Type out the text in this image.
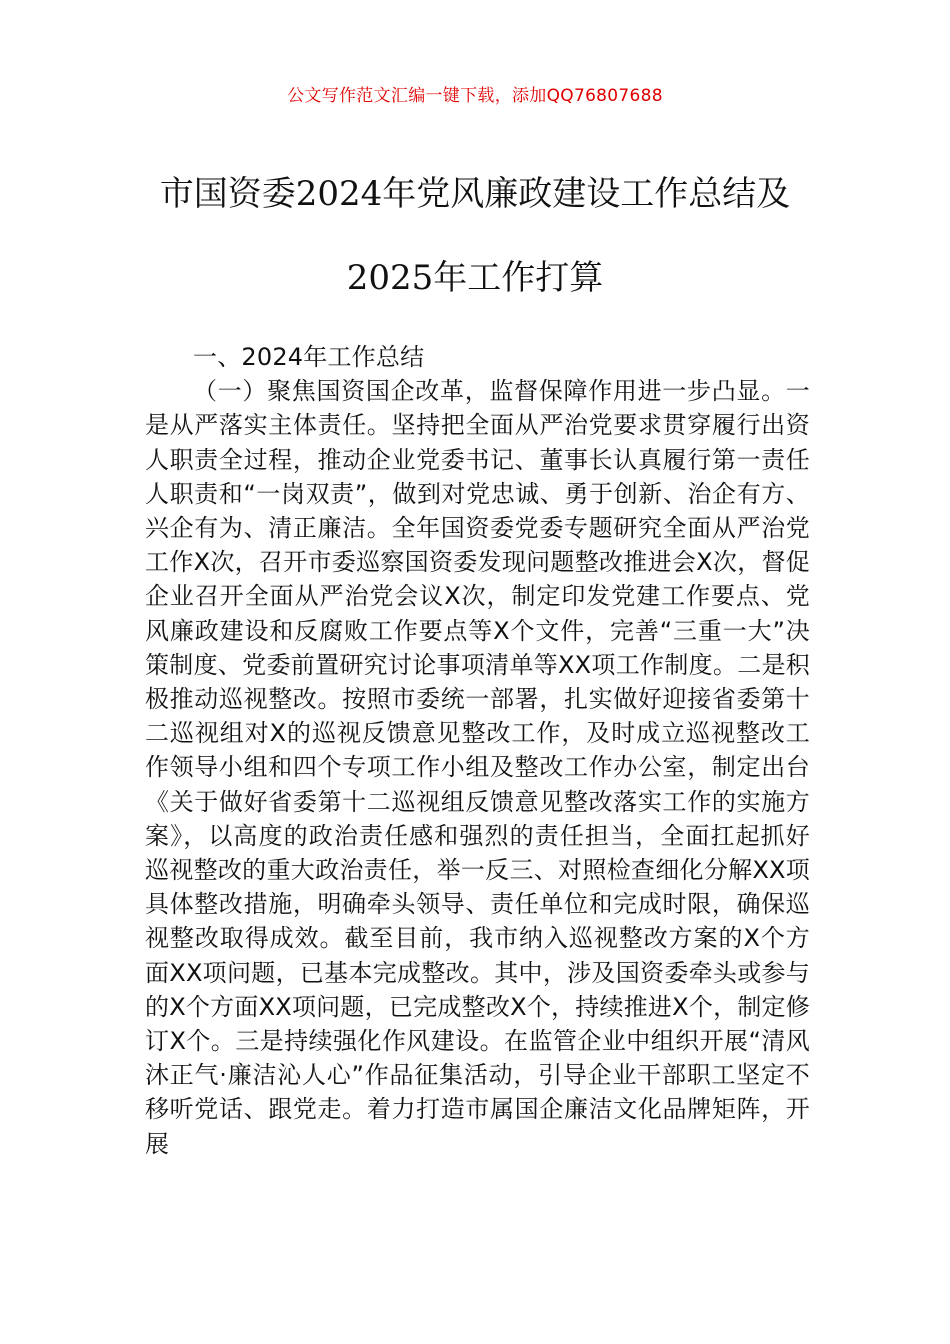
公文写作范文汇编一键下载，添加QQ76807688
市国资委2024年党风廉政建设工作总结及
2025年工作打算
一、2024年工作总结

（一）聚焦国资国企改革，监督保障作用进一步凸显。一是从严落实主体责任。坚持把全面从严治党要求贯穿履行出资人职责全过程，推动企业党委书记、董事长认真履行第一责任人职责和“一岗双责”，做到对党忠诚、勇于创新、治企有方、兴企有为、清正廉洁。全年国资委党委专题研究全面从严治党工作X次，召开市委巡察国资委发现问题整改推进会X次，督促企业召开全面从严治党会议X次，制定印发党建工作要点、党风廉政建设和反腐败工作要点等X个文件，完善“三重一大”决策制度、党委前置研究讨论事项清单等XX项工作制度。二是积极推动巡视整改。按照市委统一部署，扎实做好迎接省委第十二巡视组对X的巡视反馈意见整改工作，及时成立巡视整改工作领导小组和四个专项工作小组及整改工作办公室，制定出台《关于做好省委第十二巡视组反馈意见整改落实工作的实施方案》，以高度的政治责任感和强烈的责任担当，全面扛起抓好巡视整改的重大政治责任，举一反三、对照检查细化分解XX项具体整改措施，明确牵头领导、责任单位和完成时限，确保巡视整改取得成效。截至目前，我市纳入巡视整改方案的X个方面XX项问题，已基本完成整改。其中，涉及国资委牵头或参与的X个方面XX项问题，已完成整改X个，持续推进X个，制定修订X个。三是持续强化作风建设。在监管企业中组织开展“清风沐正气·廉洁沁人心”作品征集活动，引导企业干部职工坚定不移听党话、跟党走。着力打造市属国企廉洁文化品牌矩阵，开展
